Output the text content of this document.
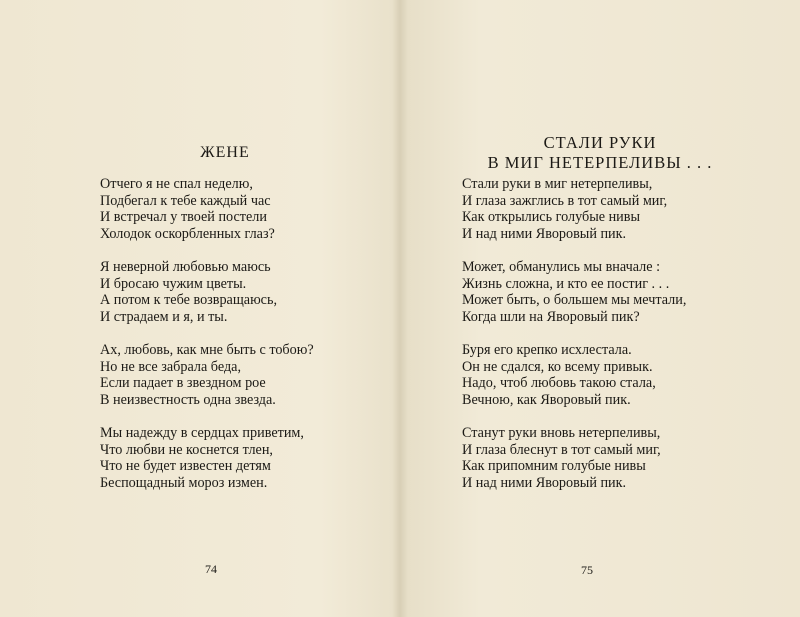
ЖЕНЕ
Отчего я не спал неделю,
Подбегал к тебе каждый час
И встречал у твоей постели
Холодок оскорбленных глаз?
Я неверной любовью маюсь
И бросаю чужим цветы.
А потом к тебе возвращаюсь,
И страдаем и я, и ты.
Ах, любовь, как мне быть с тобою?
Но не все забрала беда,
Если падает в звездном рое
В неизвестность одна звезда.
Мы надежду в сердцах приветим,
Что любви не коснется тлен,
Что не будет известен детям
Беспощадный мороз измен.
74
СТАЛИ РУКИ
В МИГ НЕТЕРПЕЛИВЫ . . .
Стали руки в миг нетерпеливы,
И глаза зажглись в тот самый миг,
Как открылись голубые нивы
И над ними Яворовый пик.
Может, обманулись мы вначале :
Жизнь сложна, и кто ее постиг . . .
Может быть, о большем мы мечтали,
Когда шли на Яворовый пик?
Буря его крепко исхлестала.
Он не сдался, ко всему привык.
Надо, чтоб любовь такою стала,
Вечною, как Яворовый пик.
Станут руки вновь нетерпеливы,
И глаза блеснут в тот самый миг,
Как припомним голубые нивы
И над ними Яворовый пик.
75
